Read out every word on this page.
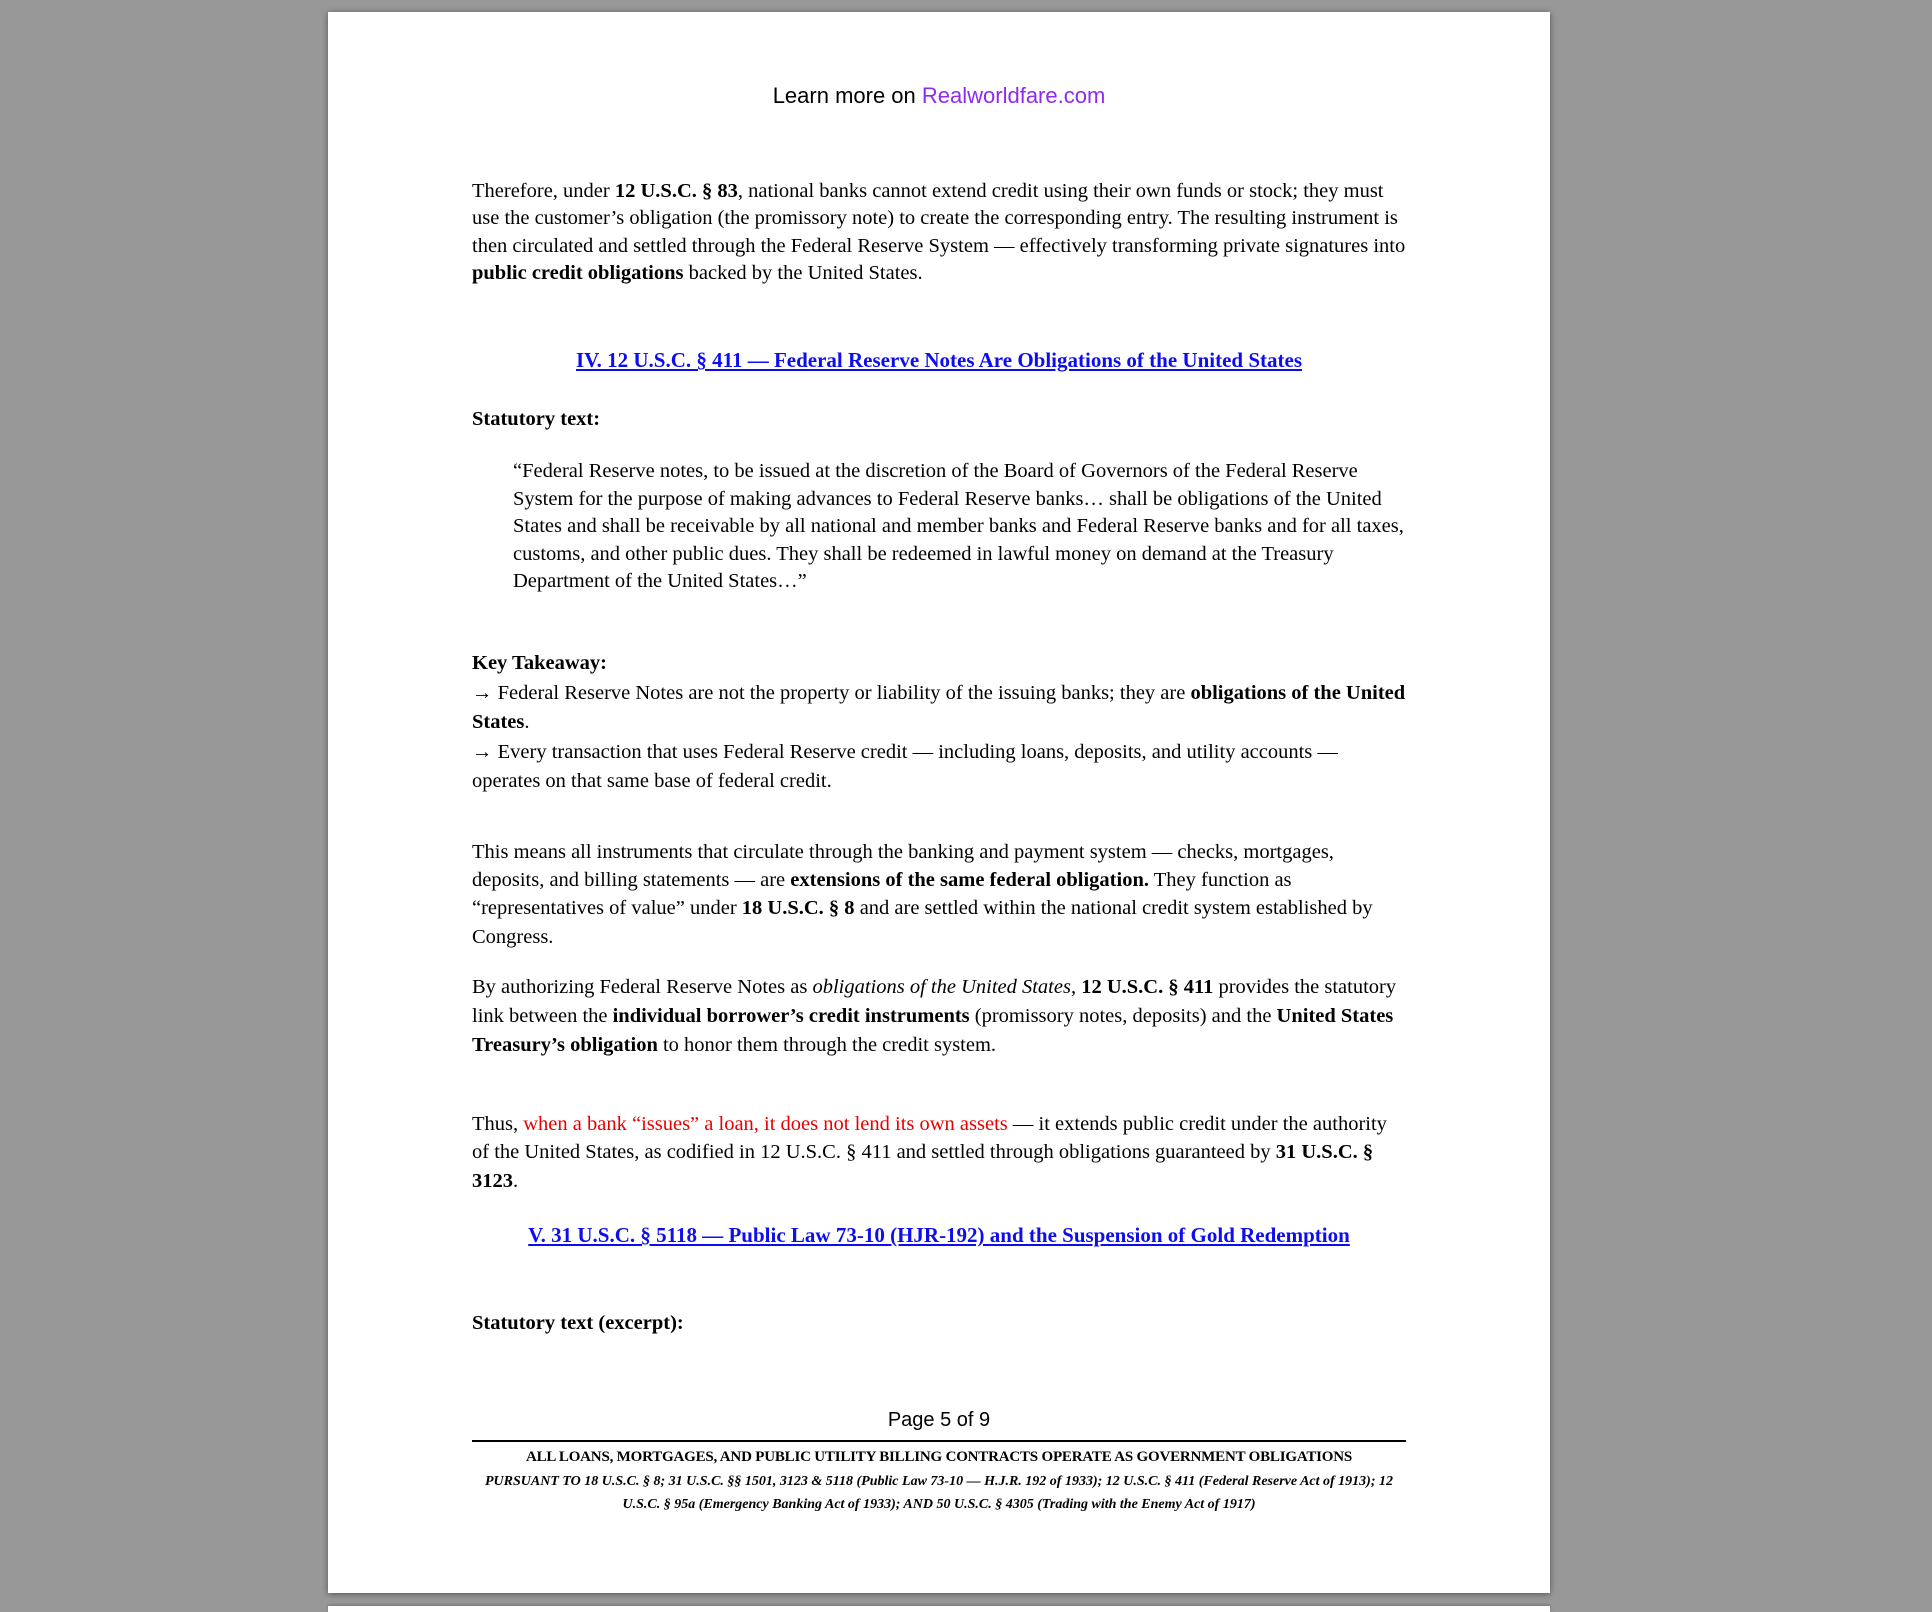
Learn more on Realworldfare.com

Therefore, under 12 U.S.C. § 83, national banks cannot extend credit using their own funds or stock; they must use the customer’s obligation (the promissory note) to create the corresponding entry. The resulting instrument is then circulated and settled through the Federal Reserve System — effectively transforming private signatures into public credit obligations backed by the United States.

IV. 12 U.S.C. § 411 — Federal Reserve Notes Are Obligations of the United States
Statutory text:
“Federal Reserve notes, to be issued at the discretion of the Board of Governors of the Federal Reserve System for the purpose of making advances to Federal Reserve banks… shall be obligations of the United States and shall be receivable by all national and member banks and Federal Reserve banks and for all taxes, customs, and other public dues. They shall be redeemed in lawful money on demand at the Treasury Department of the United States…”
Key Takeaway:
→ Federal Reserve Notes are not the property or liability of the issuing banks; they are obligations of the United States.
→ Every transaction that uses Federal Reserve credit — including loans, deposits, and utility accounts — operates on that same base of federal credit.

This means all instruments that circulate through the banking and payment system — checks, mortgages, deposits, and billing statements — are extensions of the same federal obligation. They function as “representatives of value” under 18 U.S.C. § 8 and are settled within the national credit system established by Congress.

By authorizing Federal Reserve Notes as obligations of the United States, 12 U.S.C. § 411 provides the statutory link between the individual borrower’s credit instruments (promissory notes, deposits) and the United States Treasury’s obligation to honor them through the credit system.

Thus, when a bank “issues” a loan, it does not lend its own assets — it extends public credit under the authority of the United States, as codified in 12 U.S.C. § 411 and settled through obligations guaranteed by 31 U.S.C. § 3123.

V. 31 U.S.C. § 5118 — Public Law 73-10 (HJR-192) and the Suspension of Gold Redemption
Statutory text (excerpt):
Page 5 of 9
ALL LOANS, MORTGAGES, AND PUBLIC UTILITY BILLING CONTRACTS OPERATE AS GOVERNMENT OBLIGATIONS
PURSUANT TO 18 U.S.C. § 8; 31 U.S.C. §§ 1501, 3123 & 5118 (Public Law 73-10 — H.J.R. 192 of 1933); 12 U.S.C. § 411 (Federal Reserve Act of 1913); 12 U.S.C. § 95a (Emergency Banking Act of 1933); AND 50 U.S.C. § 4305 (Trading with the Enemy Act of 1917)
